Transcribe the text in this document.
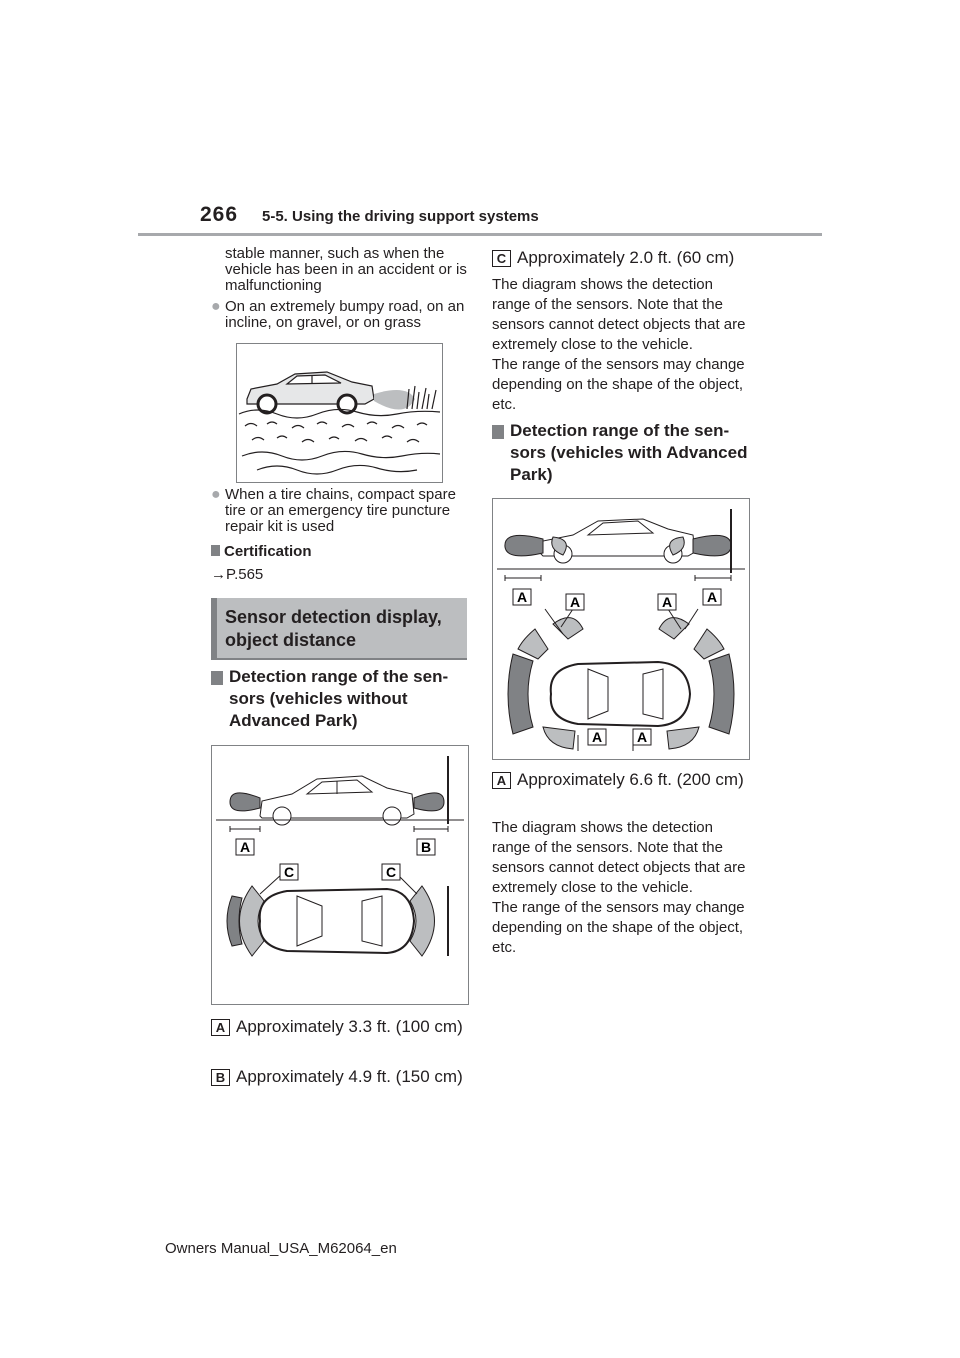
266 5-5. Using the driving support systems
stable manner, such as when the vehicle has been in an accident or is malfunctioning
● On an extremely bumpy road, on an incline, on gravel, or on grass
● When a tire chains, compact spare tire or an emergency tire puncture repair kit is used
Certification
→P.565
Sensor detection display, object distance
Detection range of the sen-sors (vehicles without Advanced Park)
A	B
C	C
A Approximately 3.3 ft. (100 cm)
B Approximately 4.9 ft. (150 cm)
C Approximately 2.0 ft. (60 cm)
The diagram shows the detection range of the sensors. Note that the sensors cannot detect objects that are extremely close to the vehicle.
The range of the sensors may change depending on the shape of the object, etc.
Detection range of the sen-sors (vehicles with Advanced Park)
A	A	A A
A A
A Approximately 6.6 ft. (200 cm)
The diagram shows the detection range of the sensors. Note that the sensors cannot detect objects that are extremely close to the vehicle.
The range of the sensors may change depending on the shape of the object, etc.
Owners Manual_USA_M62064_en
